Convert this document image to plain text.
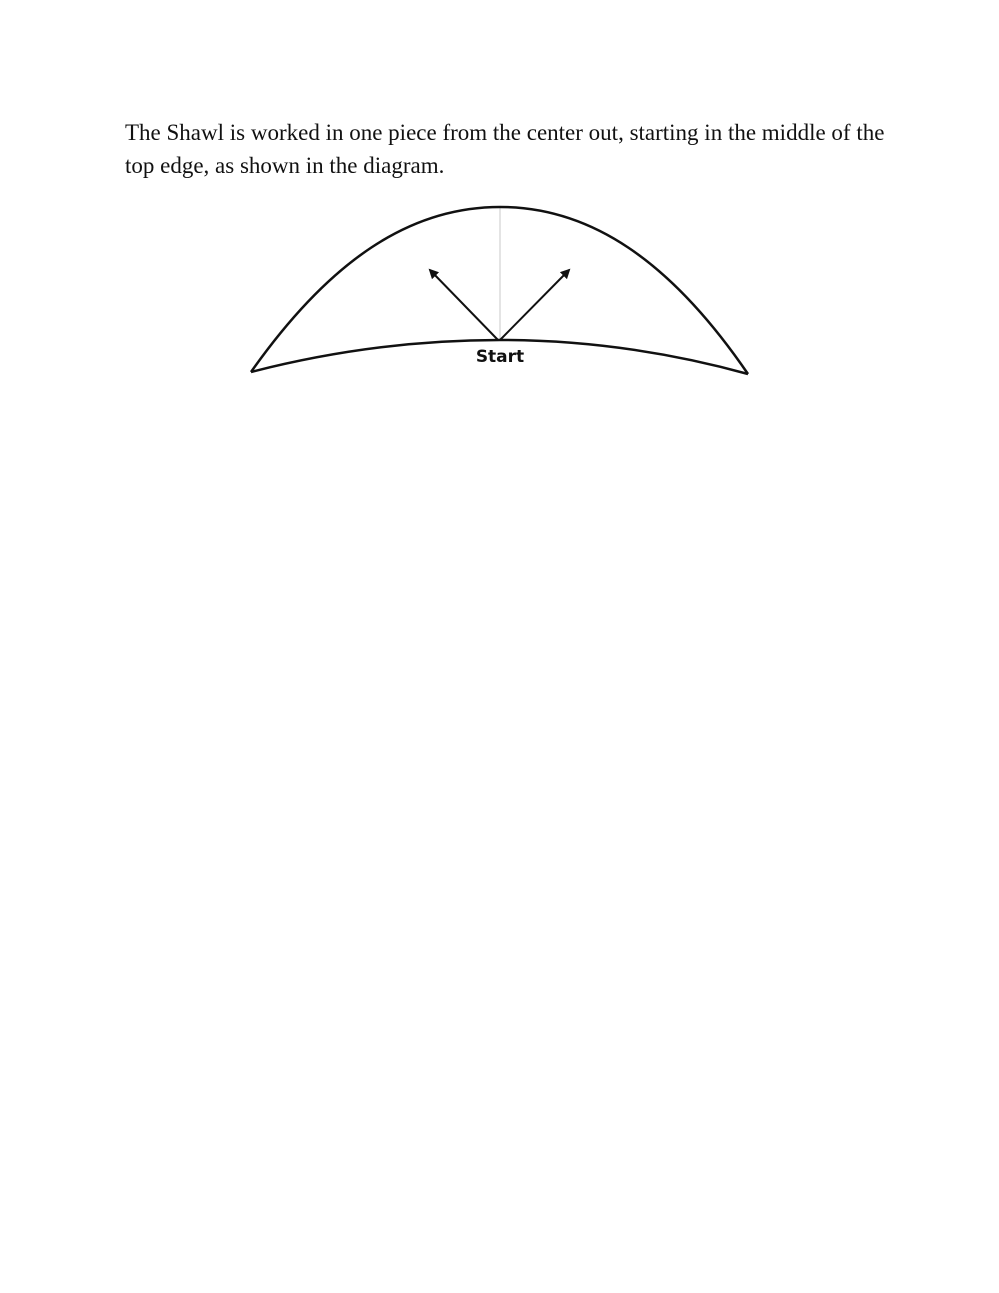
The Shawl is worked in one piece from the center out, starting in the middle of the top edge, as shown in the diagram.

Start
